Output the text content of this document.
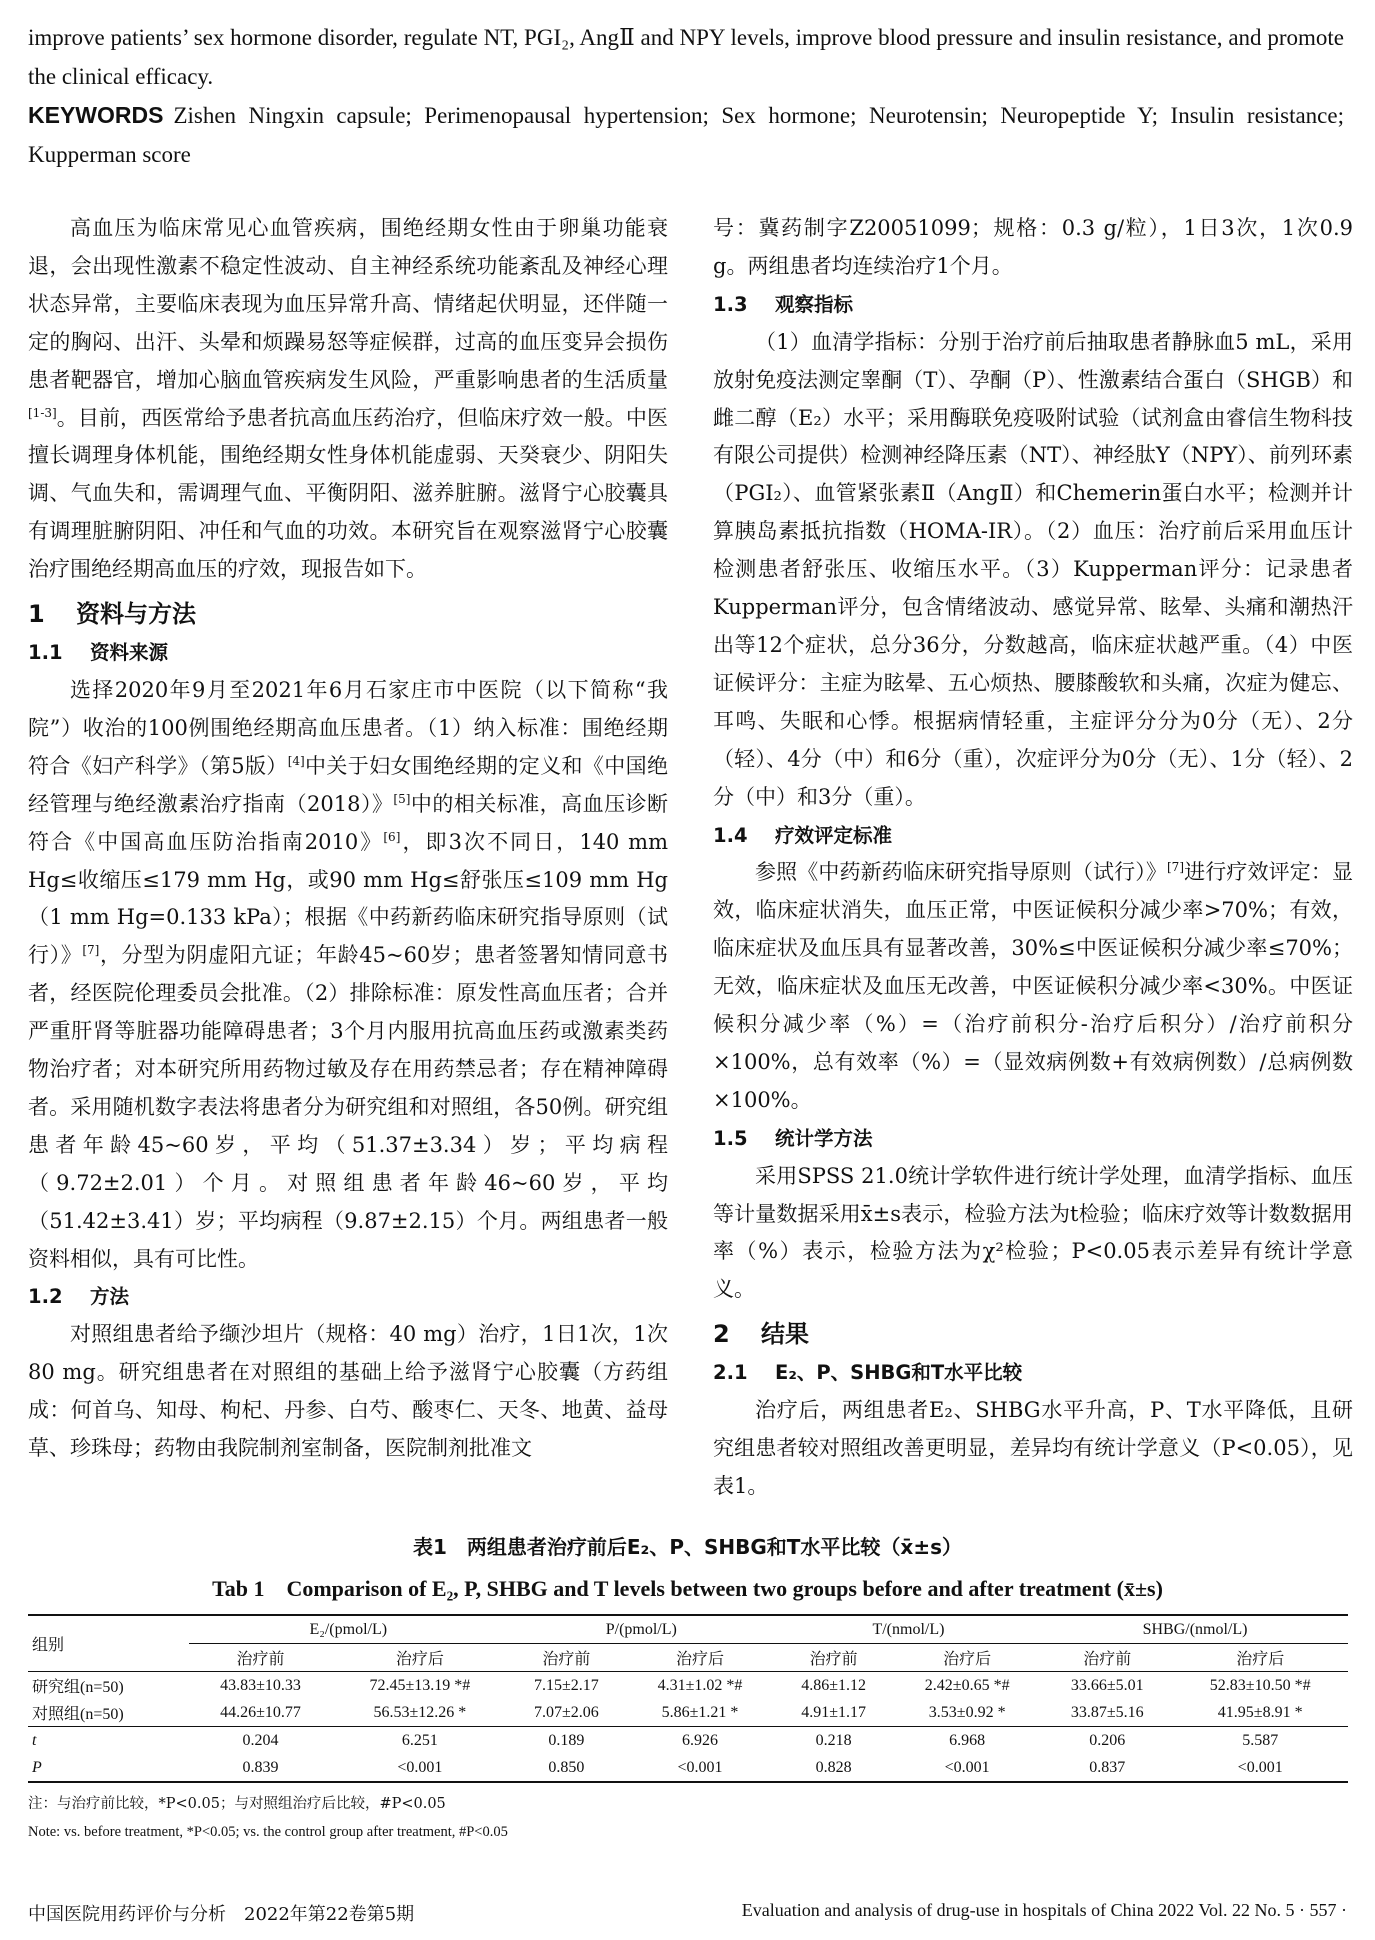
improve patients’ sex hormone disorder, regulate NT, PGI₂, AngⅡ and NPY levels, improve blood pressure and insulin resistance, and promote the clinical efficacy.
KEYWORDS Zishen Ningxin capsule; Perimenopausal hypertension; Sex hormone; Neurotensin; Neuropeptide Y; Insulin resistance; Kupperman score

高血压为临床常见心血管疾病，围绝经期女性由于卵巢功能衰退，会出现性激素不稳定性波动、自主神经系统功能紊乱及神经心理状态异常，主要临床表现为血压异常升高、情绪起伏明显，还伴随一定的胸闷、出汗、头晕和烦躁易怒等症候群，过高的血压变异会损伤患者靶器官，增加心脑血管疾病发生风险，严重影响患者的生活质量[1-3]。目前，西医常给予患者抗高血压药治疗，但临床疗效一般。中医擅长调理身体机能，围绝经期女性身体机能虚弱、天癸衰少、阴阳失调、气血失和，需调理气血、平衡阴阳、滋养脏腑。滋肾宁心胶囊具有调理脏腑阴阳、冲任和气血的功效。本研究旨在观察滋肾宁心胶囊治疗围绝经期高血压的疗效，现报告如下。

1 资料与方法
1.1 资料来源

选择2020年9月至2021年6月石家庄市中医院（以下简称“我院”）收治的100例围绝经期高血压患者。（1）纳入标准：围绝经期符合《妇产科学》（第5版）[4]中关于妇女围绝经期的定义和《中国绝经管理与绝经激素治疗指南（2018）》[5]中的相关标准，高血压诊断符合《中国高血压防治指南2010》[6]，即3次不同日，140 mm Hg≤收缩压≤179 mm Hg，或90 mm Hg≤舒张压≤109 mm Hg（1 mm Hg=0.133 kPa）；根据《中药新药临床研究指导原则（试行）》[7]，分型为阴虚阳亢证；年龄45~60岁；患者签署知情同意书者，经医院伦理委员会批准。（2）排除标准：原发性高血压者；合并严重肝肾等脏器功能障碍患者；3个月内服用抗高血压药或激素类药物治疗者；对本研究所用药物过敏及存在用药禁忌者；存在精神障碍者。采用随机数字表法将患者分为研究组和对照组，各50例。研究组患者年龄45~60岁，平均（51.37±3.34）岁；平均病程（9.72±2.01）个月。对照组患者年龄46~60岁，平均（51.42±3.41）岁；平均病程（9.87±2.15）个月。两组患者一般资料相似，具有可比性。

1.2 方法

对照组患者给予缬沙坦片（规格：40 mg）治疗，1日1次，1次80 mg。研究组患者在对照组的基础上给予滋肾宁心胶囊（方药组成：何首乌、知母、枸杞、丹参、白芍、酸枣仁、天冬、地黄、益母草、珍珠母；药物由我院制剂室制备，医院制剂批准文

号：冀药制字Z20051099；规格：0.3 g/粒），1日3次，1次0.9 g。两组患者均连续治疗1个月。

1.3 观察指标

（1）血清学指标：分别于治疗前后抽取患者静脉血5 mL，采用放射免疫法测定睾酮（T）、孕酮（P）、性激素结合蛋白（SHGB）和雌二醇（E₂）水平；采用酶联免疫吸附试验（试剂盒由睿信生物科技有限公司提供）检测神经降压素（NT）、神经肽Y（NPY）、前列环素（PGI₂）、血管紧张素Ⅱ（AngⅡ）和Chemerin蛋白水平；检测并计算胰岛素抵抗指数（HOMA-IR）。（2）血压：治疗前后采用血压计检测患者舒张压、收缩压水平。（3）Kupperman评分：记录患者Kupperman评分，包含情绪波动、感觉异常、眩晕、头痛和潮热汗出等12个症状，总分36分，分数越高，临床症状越严重。（4）中医证候评分：主症为眩晕、五心烦热、腰膝酸软和头痛，次症为健忘、耳鸣、失眠和心悸。根据病情轻重，主症评分分为0分（无）、2分（轻）、4分（中）和6分（重），次症评分为0分（无）、1分（轻）、2分（中）和3分（重）。

1.4 疗效评定标准

参照《中药新药临床研究指导原则（试行）》[7]进行疗效评定：显效，临床症状消失，血压正常，中医证候积分减少率>70%；有效，临床症状及血压具有显著改善，30%≤中医证候积分减少率≤70%；无效，临床症状及血压无改善，中医证候积分减少率<30%。中医证候积分减少率（%）=（治疗前积分-治疗后积分）/治疗前积分×100%，总有效率（%）=（显效病例数+有效病例数）/总病例数×100%。

1.5 统计学方法

采用SPSS 21.0统计学软件进行统计学处理，血清学指标、血压等计量数据采用x̄±s表示，检验方法为t检验；临床疗效等计数数据用率（%）表示，检验方法为χ²检验；P<0.05表示差异有统计学意义。

2 结果
2.1 E₂、P、SHBG和T水平比较

治疗后，两组患者E₂、SHBG水平升高，P、T水平降低，且研究组患者较对照组改善更明显，差异均有统计学意义（P<0.05），见表1。

表1　两组患者治疗前后E₂、P、SHBG和T水平比较（x̄±s）
Tab 1　Comparison of E₂, P, SHBG and T levels between two groups before and after treatment (x̄±s)
组别	E₂/(pmol/L)		P/(pmol/L)		T/(nmol/L)		SHBG/(nmol/L)	
	治疗前	治疗后	治疗前	治疗后	治疗前	治疗后	治疗前	治疗后
研究组(n=50)	43.83±10.33	72.45±13.19 *#	7.15±2.17	4.31±1.02 *#	4.86±1.12	2.42±0.65 *#	33.66±5.01	52.83±10.50 *#
对照组(n=50)	44.26±10.77	56.53±12.26 *	7.07±2.06	5.86±1.21 *	4.91±1.17	3.53±0.92 *	33.87±5.16	41.95±8.91 *
t	0.204	6.251	0.189	6.926	0.218	6.968	0.206	5.587
P	0.839	<0.001	0.850	<0.001	0.828	<0.001	0.837	<0.001
注：与治疗前比较，*P<0.05；与对照组治疗后比较，#P<0.05
Note: vs. before treatment, *P<0.05; vs. the control group after treatment, #P<0.05
中国医院用药评价与分析　2022年第22卷第5期	Evaluation and analysis of drug-use in hospitals of China 2022 Vol. 22 No. 5 · 557 ·
